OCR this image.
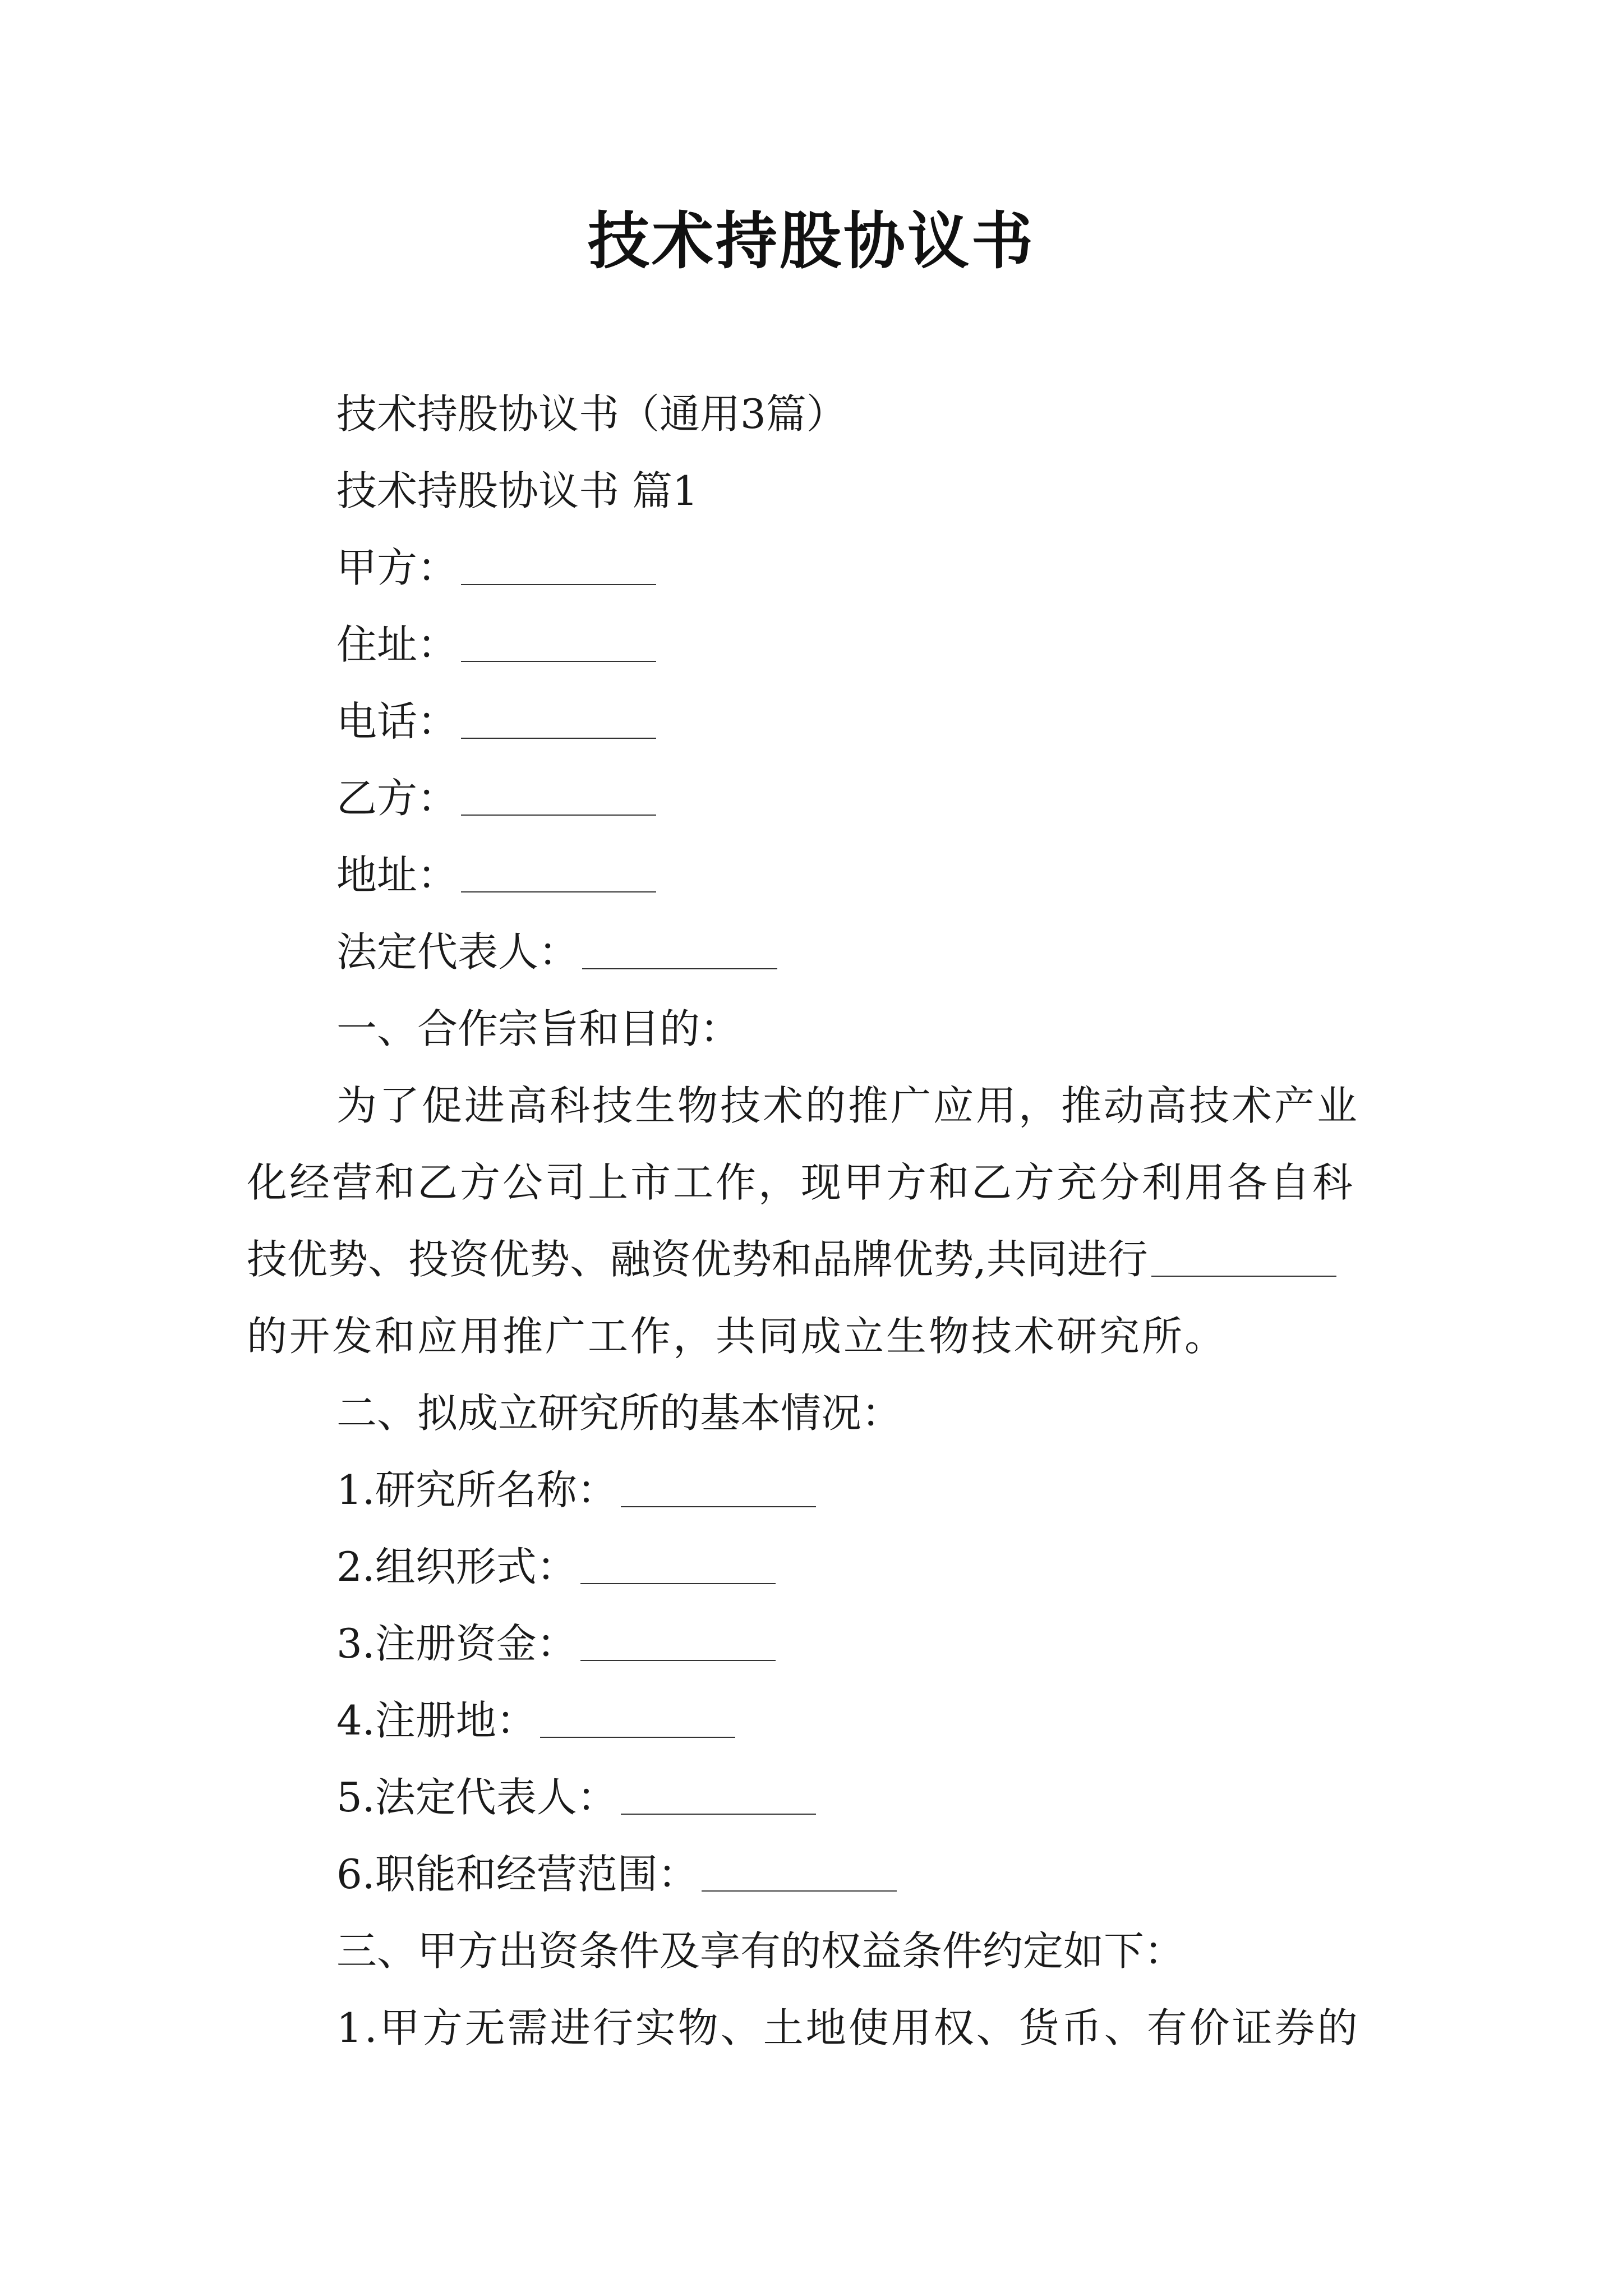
技术持股协议书
技术持股协议书（通用3篇）
技术持股协议书 篇1
甲方：
住址：
电话：
乙方：
地址：
法定代表人：
一、合作宗旨和目的：
为了促进高科技生物技术的推广应用，推动高技术产业
化经营和乙方公司上市工作，现甲方和乙方充分利用各自科
技优势、投资优势、融资优势和品牌优势,共同进行
的开发和应用推广工作，共同成立生物技术研究所。
二、拟成立研究所的基本情况：
1.研究所名称：
2.组织形式：
3.注册资金：
4.注册地：
5.法定代表人：
6.职能和经营范围：
三、甲方出资条件及享有的权益条件约定如下：
1.甲方无需进行实物、土地使用权、货币、有价证券的
